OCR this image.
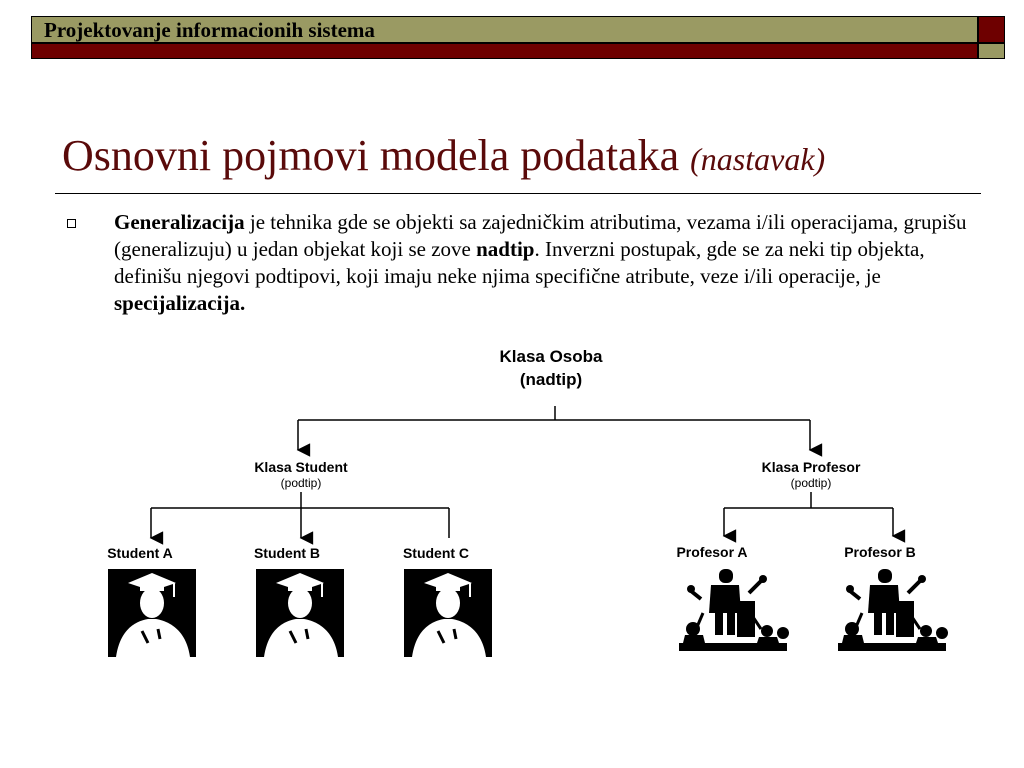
Projektovanje informacionih sistema
Osnovni pojmovi modela podataka (nastavak)
Generalizacija je tehnika gde se objekti sa zajedničkim atributima, vezama i/ili operacijama, grupišu (generalizuju) u jedan objekat koji se zove nadtip. Inverzni postupak, gde se za neki tip objekta, definišu njegovi podtipovi, koji imaju neke njima specifične atribute, veze i/ili operacije, je specijalizacija.
Klasa Osoba
(nadtip)
Klasa Student
(podtip)
Klasa Profesor
(podtip)
Student A	Student B	Student C	Profesor A	Profesor B
